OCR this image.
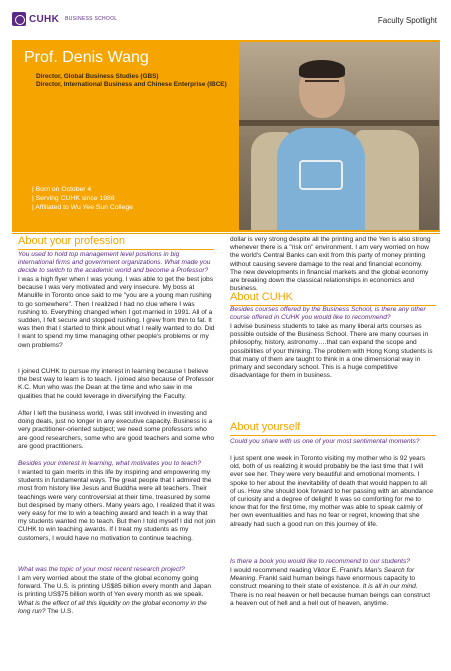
CUHK BUSINESS SCHOOL	Faculty Spotlight
Prof. Denis Wang
Director, Global Business Studies (GBS)
Director, International Business and Chinese Enterprise (IBCE)
| Born on October 4
| Serving CUHK since 1988
| Affiliated to Wu Yee Sun College
About your profession
You used to hold top management level positions in big international firms and government organizations. What made you decide to switch to the academic world and become a Professor?
I was a high flyer when I was young. I was able to get the best jobs because I was very motivated and very insecure. My boss at Manulife in Toronto once said to me "you are a young man rushing to go somewhere". Then I realized I had no clue where I was rushing to. Everything changed when I got married in 1991. All of a sudden, I felt secure and stopped rushing. I grew from thin to fat. It was then that I started to think about what I really wanted to do. Did I want to spend my time managing other people's problems or my own problems?
I joined CUHK to pursue my interest in learning because I believe the best way to learn is to teach. I joined also because of Professor K.C. Mun who was the Dean at the time and who saw in me qualities that he could leverage in diversifying the Faculty.
After I left the business world, I was still involved in investing and doing deals, just no longer in any executive capacity. Business is a very practitioner-oriented subject; we need some professors who are good researchers, some who are good teachers and some who are good practitioners.
Besides your interest in learning, what motivates you to teach?
I wanted to gain merits in this life by inspiring and empowering my students in fundamental ways. The great people that I admired the most from history like Jesus and Buddha were all teachers. Their teachings were very controversial at their time, treasured by some but despised by many others. Many years ago, I realized that it was very easy for me to win a teaching award and teach in a way that my students wanted me to teach. But then I told myself I did not join CUHK to win teaching awards. If I treat my students as my customers, I would have no motivation to continue teaching.
What was the topic of your most recent research project?
I am very worried about the state of the global economy going forward. The U.S. is printing US$85 billion every month and Japan is printing US$75 billion worth of Yen every month as we speak. What is the effect of all this liquidity on the global economy in the long run? The U.S.
dollar is very strong despite all the printing and the Yen is also strong whenever there is a "risk on" environment. I am very worried on how the world's Central Banks can exit from this party of money printing without causing severe damage to the real and financial economy. The new developments in financial markets and the global economy are breaking down the classical relationships in economics and business.
About CUHK
Besides courses offered by the Business School, is there any other course offered in CUHK you would like to recommend?
I advise business students to take as many liberal arts courses as possible outside of the Business School. There are many courses in philosophy, history, astronomy….that can expand the scope and possibilities of your thinking. The problem with Hong Kong students is that many of them are taught to think in a one dimensional way in primary and secondary school. This is a huge competitive disadvantage for them in business.
About yourself
Could you share with us one of your most sentimental moments?
I just spent one week in Toronto visiting my mother who is 92 years old, both of us realizing it would probably be the last time that I will ever see her. They were very beautiful and emotional moments. I spoke to her about the inevitability of death that would happen to all of us. How she should look forward to her passing with an abundance of curiosity and a degree of delight! It was so comforting for me to know that for the first time, my mother was able to speak calmly of her own eventualities and has no fear or regret, knowing that she already had such a good run on this journey of life.
Is there a book you would like to recommend to our students?
I would recommend reading Viktor E. Frankl's Man's Search for Meaning. Frankl said human beings have enormous capacity to construct meaning to their state of existence. It is all in our mind. There is no real heaven or hell because human beings can construct a heaven out of hell and a hell out of heaven, anytime.
